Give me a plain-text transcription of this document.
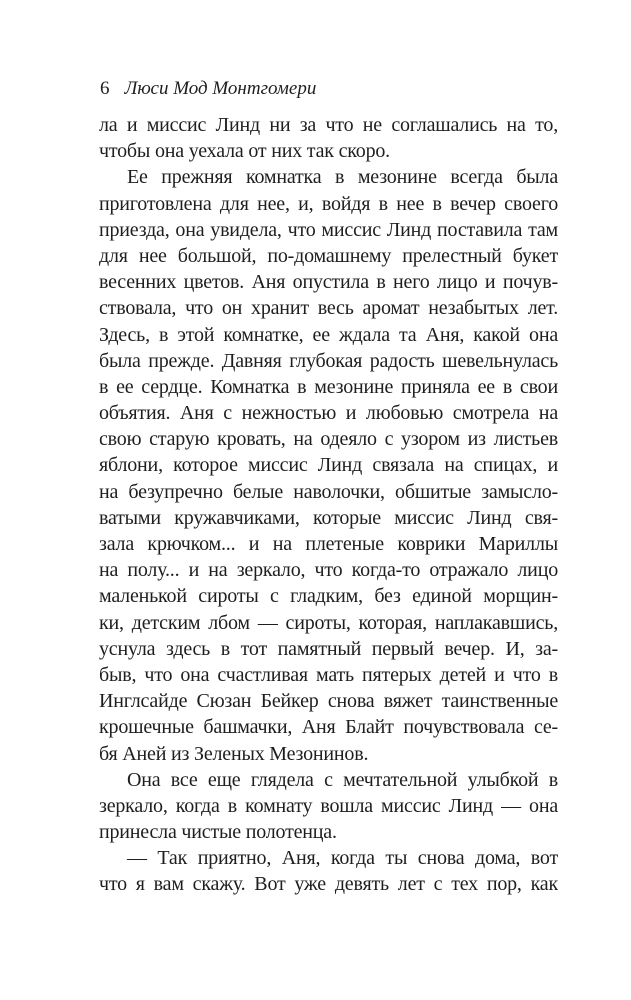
6 Люси Мод Монтгомери
ла и миссис Линд ни за что не соглашались на то,
чтобы она уехала от них так скоро.
Ее прежняя комнатка в мезонине всегда была
приготовлена для нее, и, войдя в нее в вечер своего
приезда, она увидела, что миссис Линд поставила там
для нее большой, по-домашнему прелестный букет
весенних цветов. Аня опустила в него лицо и почув-
ствовала, что он хранит весь аромат незабытых лет.
Здесь, в этой комнатке, ее ждала та Аня, какой она
была прежде. Давняя глубокая радость шевельнулась
в ее сердце. Комнатка в мезонине приняла ее в свои
объятия. Аня с нежностью и любовью смотрела на
свою старую кровать, на одеяло с узором из листьев
яблони, которое миссис Линд связала на спицах, и
на безупречно белые наволочки, обшитые замысло-
ватыми кружавчиками, которые миссис Линд свя-
зала крючком... и на плетеные коврики Мариллы
на полу... и на зеркало, что когда-то отражало лицо
маленькой сироты с гладким, без единой морщин-
ки, детским лбом — сироты, которая, наплакавшись,
уснула здесь в тот памятный первый вечер. И, за-
быв, что она счастливая мать пятерых детей и что в
Инглсайде Сюзан Бейкер снова вяжет таинственные
крошечные башмачки, Аня Блайт почувствовала се-
бя Аней из Зеленых Мезонинов.
Она все еще глядела с мечтательной улыбкой в
зеркало, когда в комнату вошла миссис Линд — она
принесла чистые полотенца.
— Так приятно, Аня, когда ты снова дома, вот
что я вам скажу. Вот уже девять лет с тех пор, как
